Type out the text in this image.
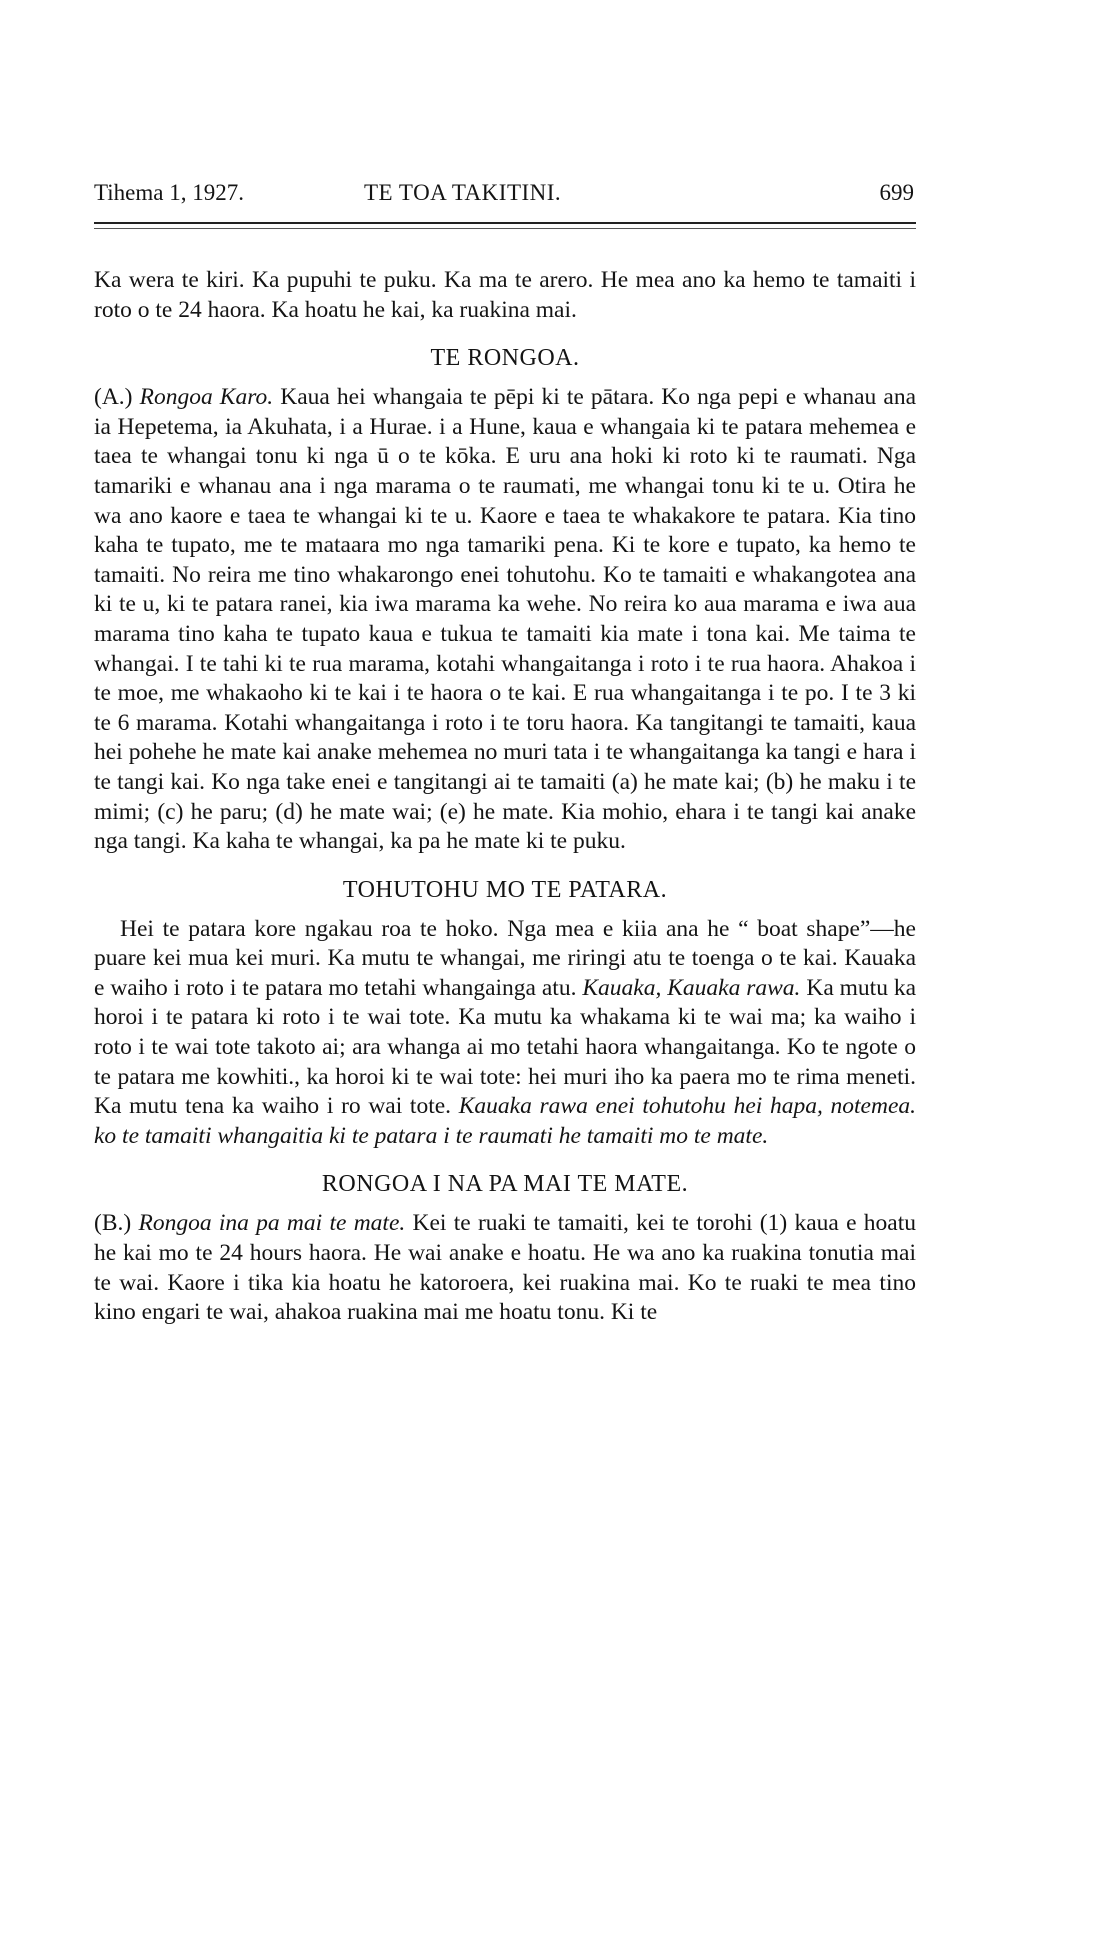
Tihema 1, 1927.	TE TOA TAKITINI.	699

Ka wera te kiri. Ka pupuhi te puku. Ka ma te arero. He mea ano ka hemo te tamaiti i roto o te 24 haora. Ka hoatu he kai, ka ruakina mai.

TE RONGOA.

(A.) Rongoa Karo. Kaua hei whangaia te pēpi ki te pātara. Ko nga pepi e whanau ana ia Hepetema, ia Akuhata, i a Hurae. i a Hune, kaua e whangaia ki te patara mehemea e taea te whangai tonu ki nga ū o te kōka. E uru ana hoki ki roto ki te raumati. Nga tamariki e whanau ana i nga marama o te raumati, me whangai tonu ki te u. Otira he wa ano kaore e taea te whangai ki te u. Kaore e taea te whakakore te patara. Kia tino kaha te tupato, me te mataara mo nga tamariki pena. Ki te kore e tupato, ka hemo te tamaiti. No reira me tino whakarongo enei tohutohu. Ko te tamaiti e whakangotea ana ki te u, ki te patara ranei, kia iwa marama ka wehe. No reira ko aua marama e iwa aua marama tino kaha te tupato kaua e tukua te tamaiti kia mate i tona kai. Me taima te whangai. I te tahi ki te rua marama, kotahi whangaitanga i roto i te rua haora. Ahakoa i te moe, me whakaoho ki te kai i te haora o te kai. E rua whangaitanga i te po. I te 3 ki te 6 marama. Kotahi whangaitanga i roto i te toru haora. Ka tangitangi te tamaiti, kaua hei pohehe he mate kai anake mehemea no muri tata i te whangaitanga ka tangi e hara i te tangi kai. Ko nga take enei e tangitangi ai te tamaiti (a) he mate kai; (b) he maku i te mimi; (c) he paru; (d) he mate wai; (e) he mate. Kia mohio, ehara i te tangi kai anake nga tangi. Ka kaha te whangai, ka pa he mate ki te puku.

TOHUTOHU MO TE PATARA.

Hei te patara kore ngakau roa te hoko. Nga mea e kiia ana he “ boat shape”—he puare kei mua kei muri. Ka mutu te whangai, me riringi atu te toenga o te kai. Kauaka e waiho i roto i te patara mo tetahi whangainga atu. Kauaka, Kauaka rawa. Ka mutu ka horoi i te patara ki roto i te wai tote. Ka mutu ka whakama ki te wai ma; ka waiho i roto i te wai tote takoto ai; ara whanga ai mo tetahi haora whangaitanga. Ko te ngote o te patara me kowhiti., ka horoi ki te wai tote: hei muri iho ka paera mo te rima meneti. Ka mutu tena ka waiho i ro wai tote. Kauaka rawa enei tohutohu hei hapa, notemea. ko te tamaiti whangaitia ki te patara i te raumati he tamaiti mo te mate.

RONGOA I NA PA MAI TE MATE.

(B.) Rongoa ina pa mai te mate. Kei te ruaki te tamaiti, kei te torohi (1) kaua e hoatu he kai mo te 24 hours haora. He wai anake e hoatu. He wa ano ka ruakina tonutia mai te wai. Kaore i tika kia hoatu he katoroera, kei ruakina mai. Ko te ruaki te mea tino kino engari te wai, ahakoa ruakina mai me hoatu tonu. Ki te
